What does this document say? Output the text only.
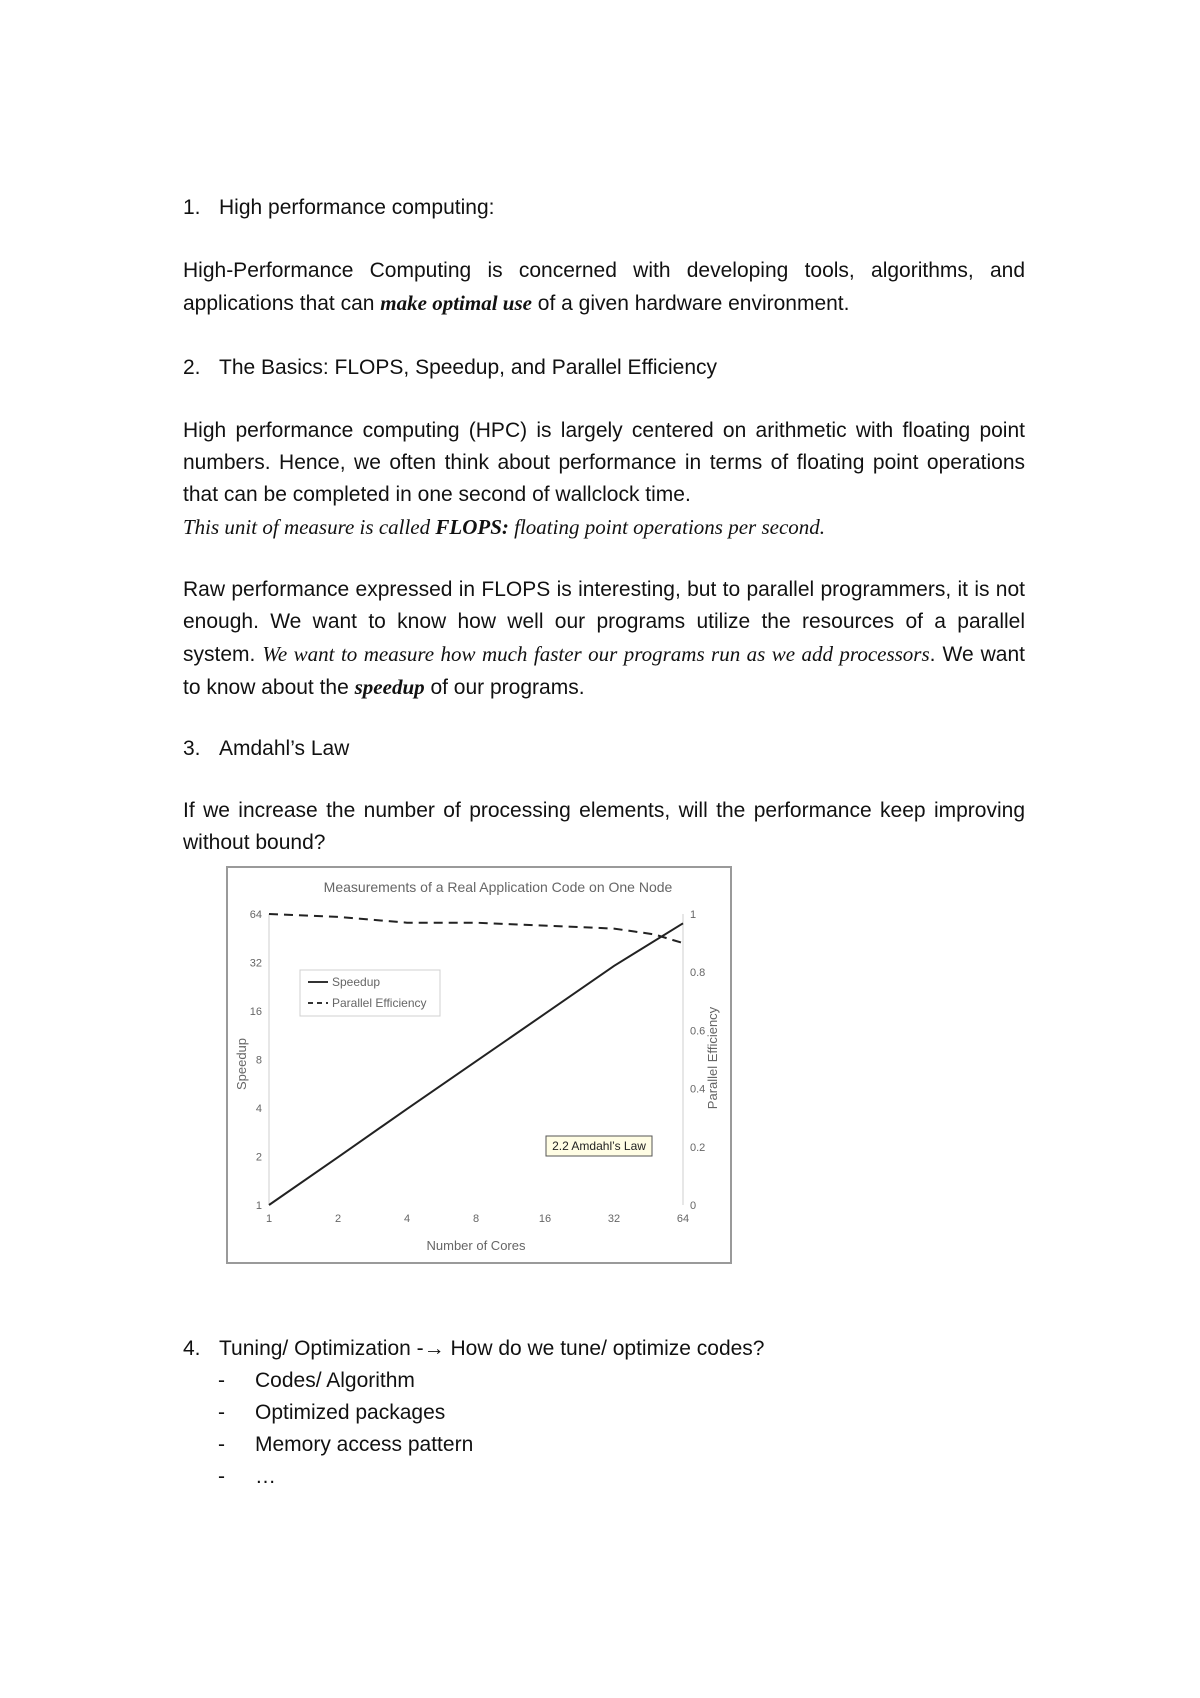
1. High performance computing:

High-Performance Computing is concerned with developing tools, algorithms, and applications that can make optimal use of a given hardware environment.

2. The Basics: FLOPS, Speedup, and Parallel Efficiency

High performance computing (HPC) is largely centered on arithmetic with floating point numbers. Hence, we often think about performance in terms of floating point operations that can be completed in one second of wallclock time.

This unit of measure is called FLOPS: floating point operations per second.

Raw performance expressed in FLOPS is interesting, but to parallel programmers, it is not enough. We want to know how well our programs utilize the resources of a parallel system. We want to measure how much faster our programs run as we add processors. We want to know about the speedup of our programs.

3. Amdahl’s Law

If we increase the number of processing elements, will the performance keep improving without bound?

Measurements of a Real Application Code on One Node
1
2
4
8
16
32
64
0
0.2
0.4
0.6
0.8
1
1	2	4	8	16	32	64
Number of Cores
Speedup	Parallel Efficiency
Speedup
Parallel Efficiency
2.2 Amdahl’s Law
4. Tuning/ Optimization -→ How do we tune/ optimize codes?
-	Codes/ Algorithm
-	Optimized packages
-	Memory access pattern
-	…
